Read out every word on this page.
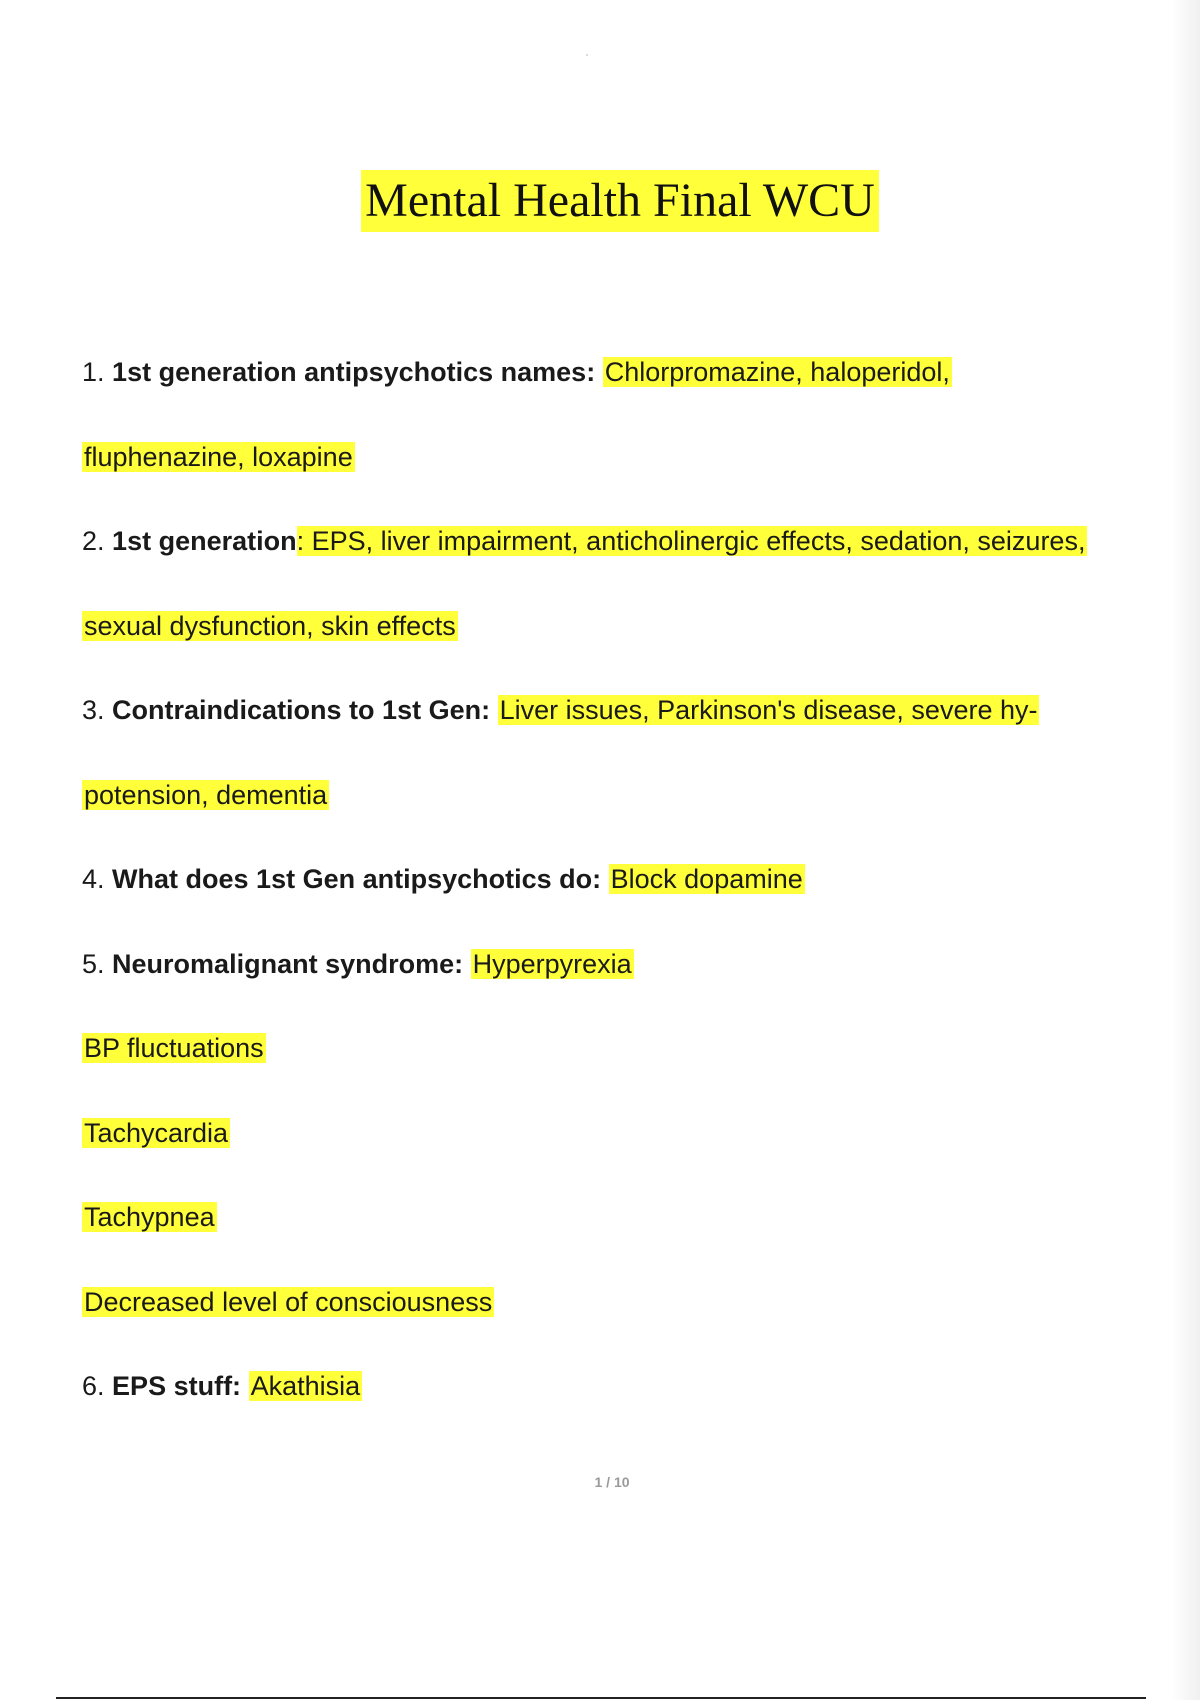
Mental Health Final WCU
1. 1st generation antipsychotics names: Chlorpromazine, haloperidol,
fluphenazine, loxapine
2. 1st generation: EPS, liver impairment, anticholinergic effects, sedation, seizures,
sexual dysfunction, skin effects
3. Contraindications to 1st Gen: Liver issues, Parkinson's disease, severe hy-
potension, dementia
4. What does 1st Gen antipsychotics do: Block dopamine
5. Neuromalignant syndrome: Hyperpyrexia
BP fluctuations
Tachycardia
Tachypnea
Decreased level of consciousness
6. EPS stuff: Akathisia
1 / 10
